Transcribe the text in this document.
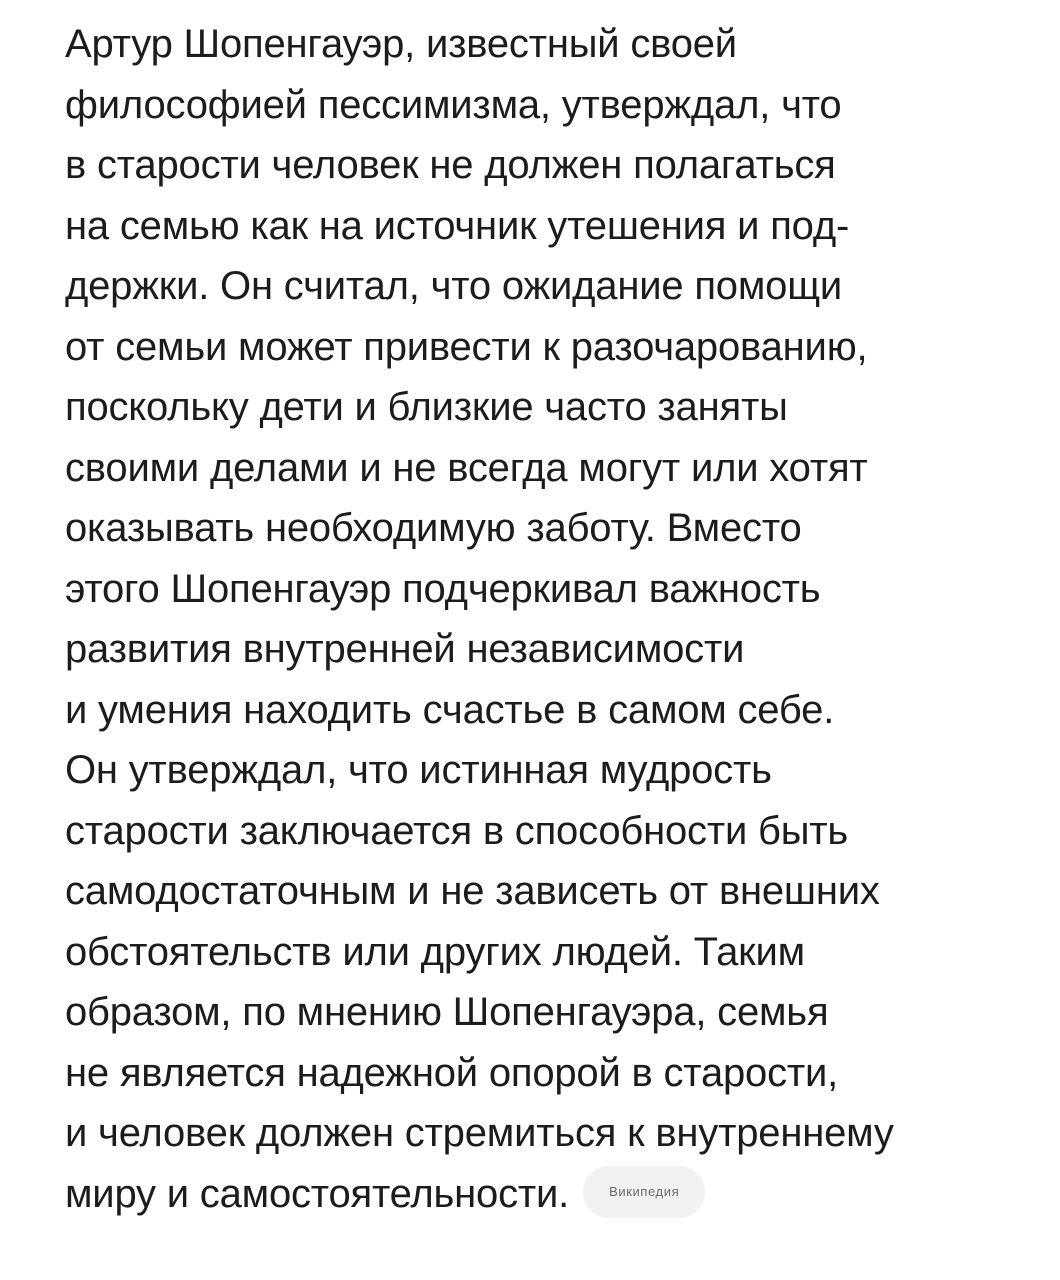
Артур Шопенгауэр, известный своей
философией пессимизма, утверждал, что
в старости человек не должен полагаться
на семью как на источник утешения и под-
держки. Он считал, что ожидание помощи
от семьи может привести к разочарованию,
поскольку дети и близкие часто заняты
своими делами и не всегда могут или хотят
оказывать необходимую заботу. Вместо
этого Шопенгауэр подчеркивал важность
развития внутренней независимости
и умения находить счастье в самом себе.
Он утверждал, что истинная мудрость
старости заключается в способности быть
самодостаточным и не зависеть от внешних
обстоятельств или других людей. Таким
образом, по мнению Шопенгауэра, семья
не является надежной опорой в старости,
и человек должен стремиться к внутреннему
миру и самостоятельности.	Википедия
